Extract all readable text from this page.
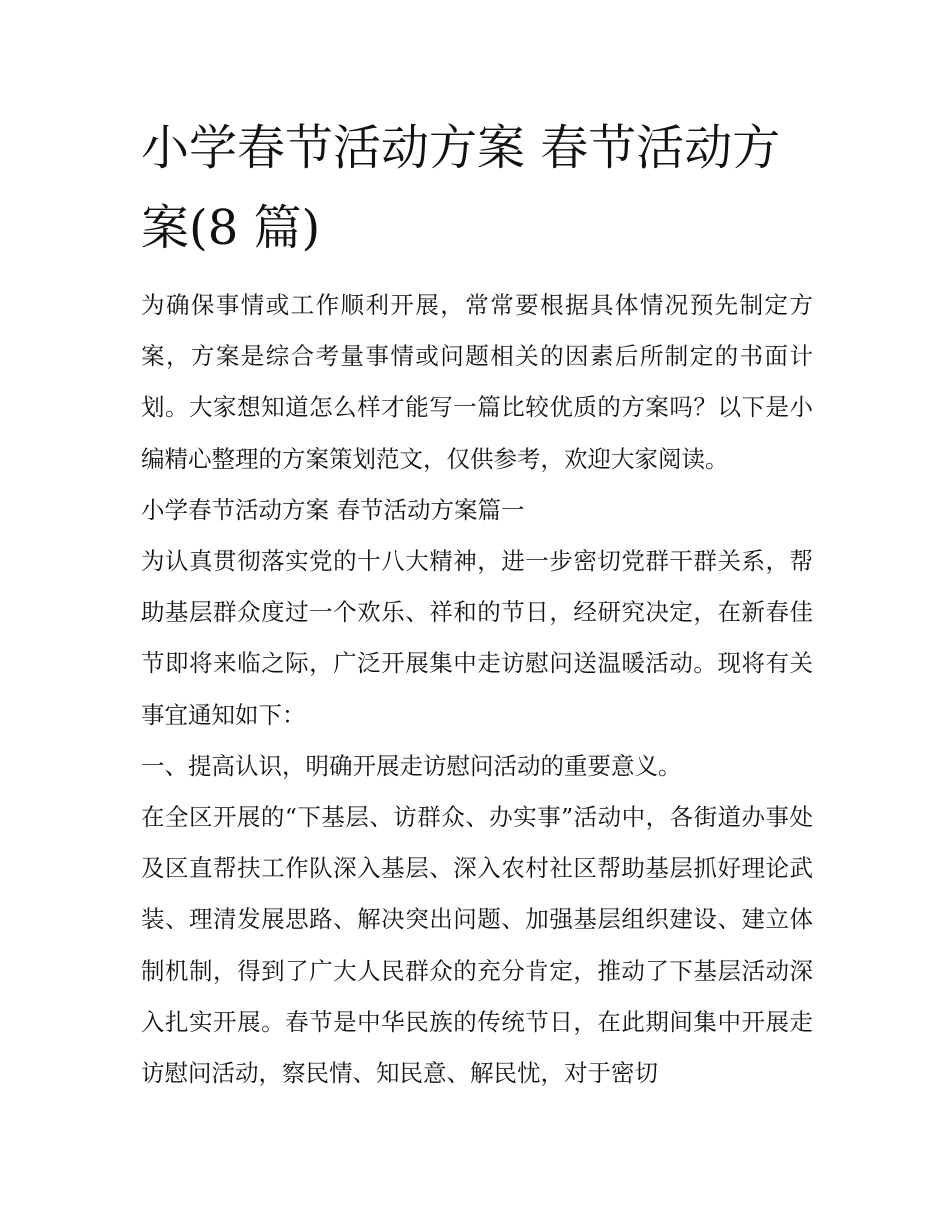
小学春节活动方案 春节活动方案(8 篇)

为确保事情或工作顺利开展，常常要根据具体情况预先制定方案，方案是综合考量事情或问题相关的因素后所制定的书面计划。大家想知道怎么样才能写一篇比较优质的方案吗？以下是小编精心整理的方案策划范文，仅供参考，欢迎大家阅读。

小学春节活动方案 春节活动方案篇一

为认真贯彻落实党的十八大精神，进一步密切党群干群关系，帮助基层群众度过一个欢乐、祥和的节日，经研究决定，在新春佳节即将来临之际，广泛开展集中走访慰问送温暖活动。现将有关事宜通知如下：

一、提高认识，明确开展走访慰问活动的重要意义。

在全区开展的“下基层、访群众、办实事”活动中，各街道办事处及区直帮扶工作队深入基层、深入农村社区帮助基层抓好理论武装、理清发展思路、解决突出问题、加强基层组织建设、建立体制机制，得到了广大人民群众的充分肯定，推动了下基层活动深入扎实开展。春节是中华民族的传统节日，在此期间集中开展走访慰问活动，察民情、知民意、解民忧，对于密切
